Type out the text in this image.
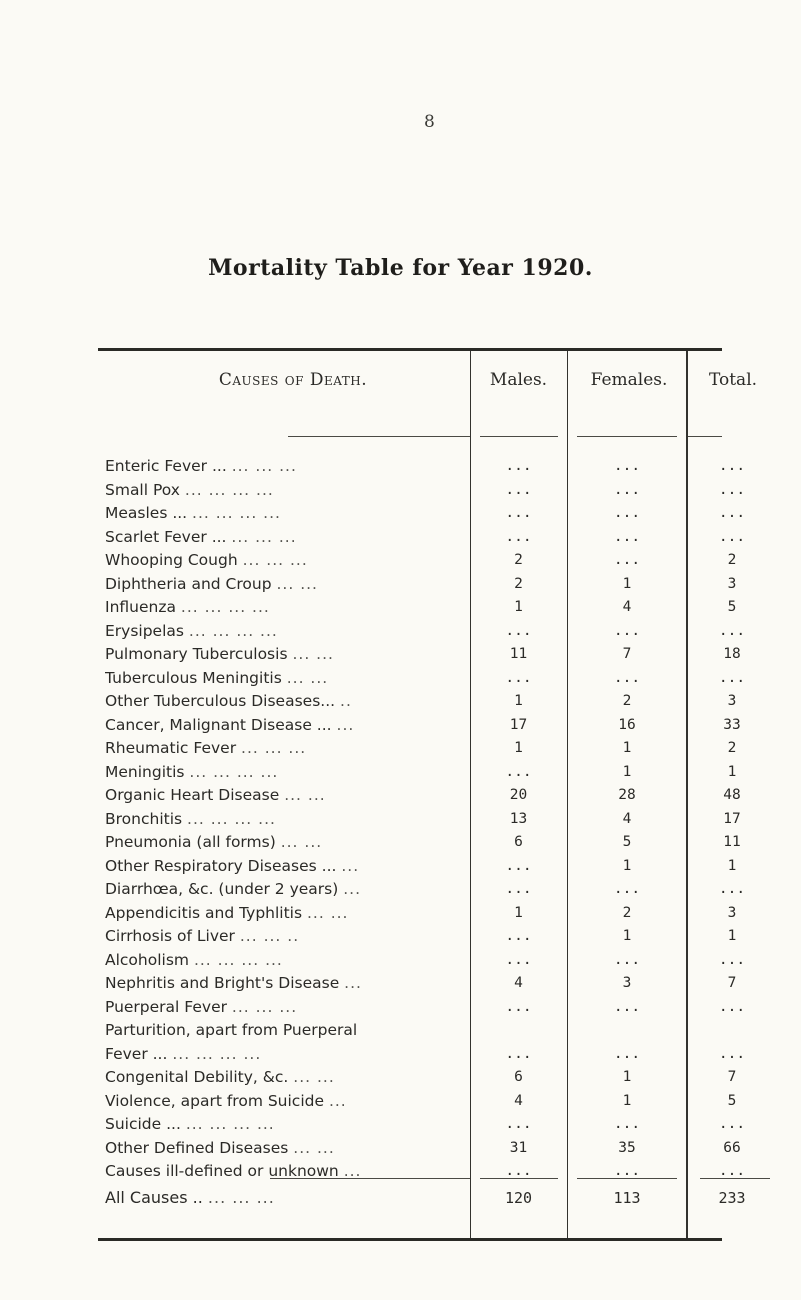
8
Mortality Table for Year 1920.
Causes of Death.	Males.	Females.	Total.
Enteric Fever ... ... ... ...	...	...	...
Small Pox ... ... ... ...	...	...	...
Measles ... ... ... ... ...	...	...	...
Scarlet Fever ... ... ... ...	...	...	...
Whooping Cough ... ... ...	2	...	2
Diphtheria and Croup ... ...	2	1	3
Influenza ... ... ... ...	1	4	5
Erysipelas ... ... ... ...	...	...	...
Pulmonary Tuberculosis ... ...	11	7	18
Tuberculous Meningitis ... ...	...	...	...
Other Tuberculous Diseases... ..	1	2	3
Cancer, Malignant Disease ... ...	17	16	33
Rheumatic Fever ... ... ...	1	1	2
Meningitis ... ... ... ...	...	1	1
Organic Heart Disease ... ...	20	28	48
Bronchitis ... ... ... ...	13	4	17
Pneumonia (all forms) ... ...	6	5	11
Other Respiratory Diseases ... ...	...	1	1
Diarrhœa, &c. (under 2 years) ...	...	...	...
Appendicitis and Typhlitis ... ...	1	2	3
Cirrhosis of Liver ... ... ..	...	1	1
Alcoholism ... ... ... ...	...	...	...
Nephritis and Bright's Disease ...	4	3	7
Puerperal Fever ... ... ...	...	...	...
Parturition, apart from Puerperal
Fever ... ... ... ... ...	...	...	...
Congenital Debility, &c. ... ...	6	1	7
Violence, apart from Suicide ...	4	1	5
Suicide ... ... ... ... ...	...	...	...
Other Defined Diseases ... ...	31	35	66
Causes ill-defined or unknown ...	...	...	...
All Causes .. ... ... ...	120	113	233
